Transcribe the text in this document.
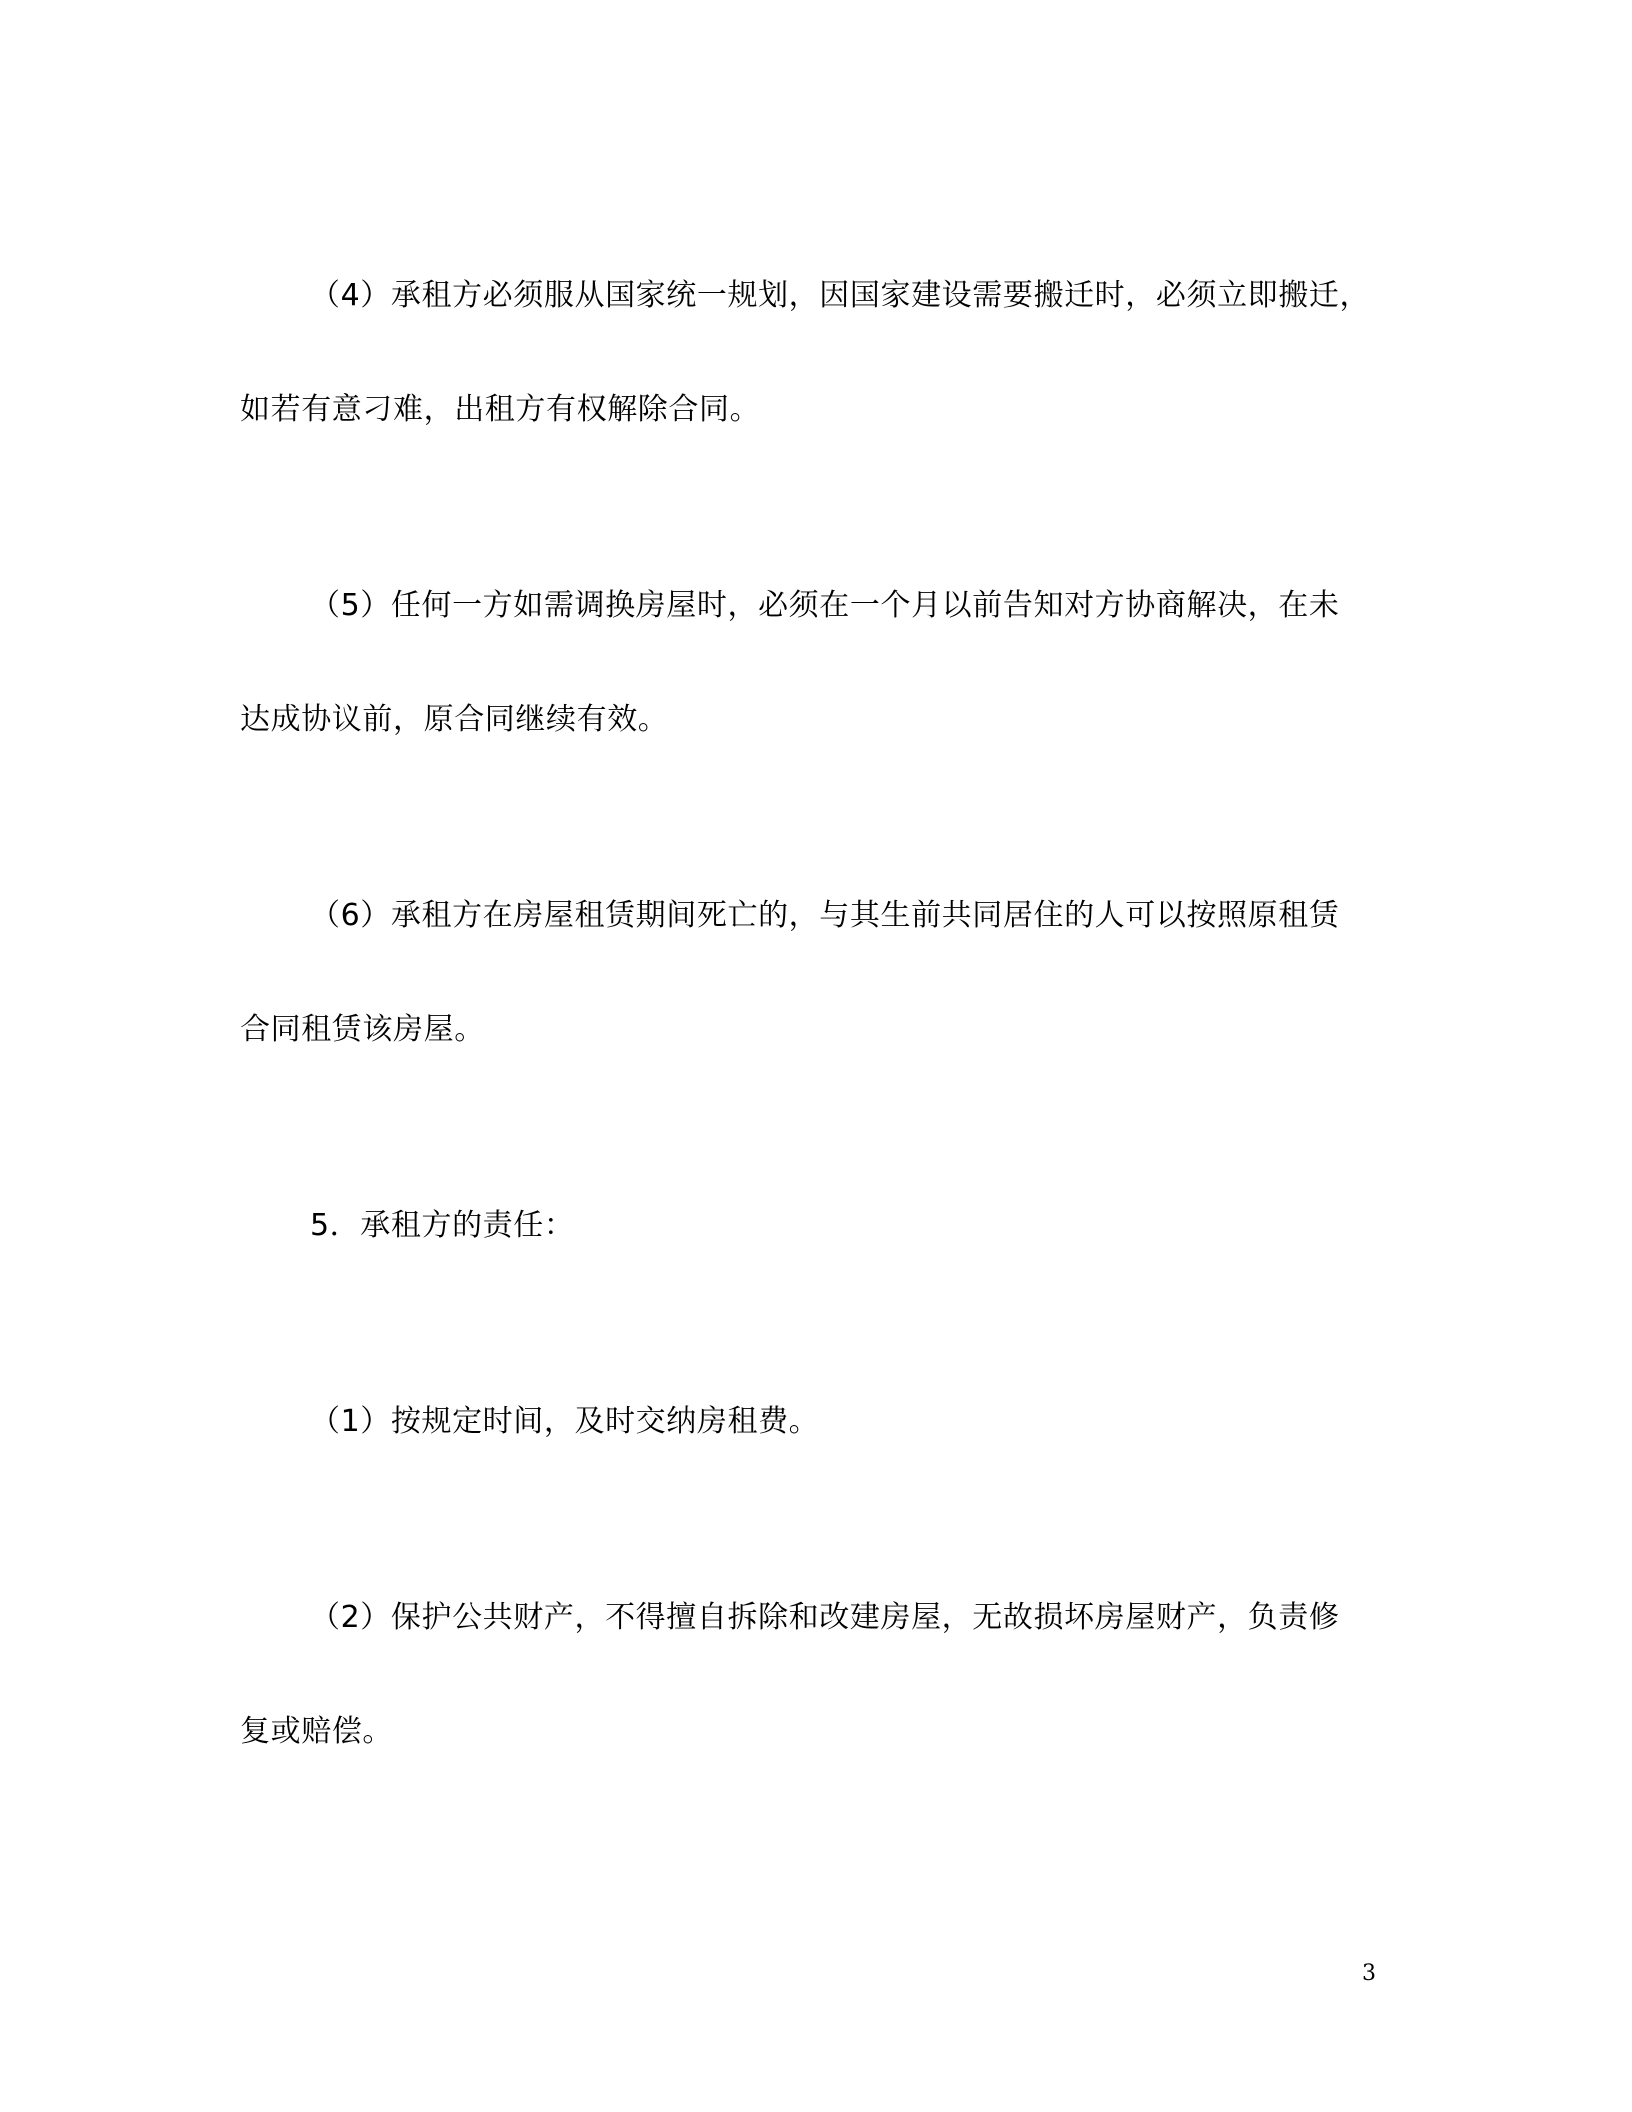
（4）承租方必须服从国家统一规划，因国家建设需要搬迁时，必须立即搬迁，
如若有意刁难，出租方有权解除合同。
（5）任何一方如需调换房屋时，必须在一个月以前告知对方协商解决，在未
达成协议前，原合同继续有效。
（6）承租方在房屋租赁期间死亡的，与其生前共同居住的人可以按照原租赁
合同租赁该房屋。
5．承租方的责任：
（1）按规定时间，及时交纳房租费。
（2）保护公共财产，不得擅自拆除和改建房屋，无故损坏房屋财产，负责修
复或赔偿。
3
